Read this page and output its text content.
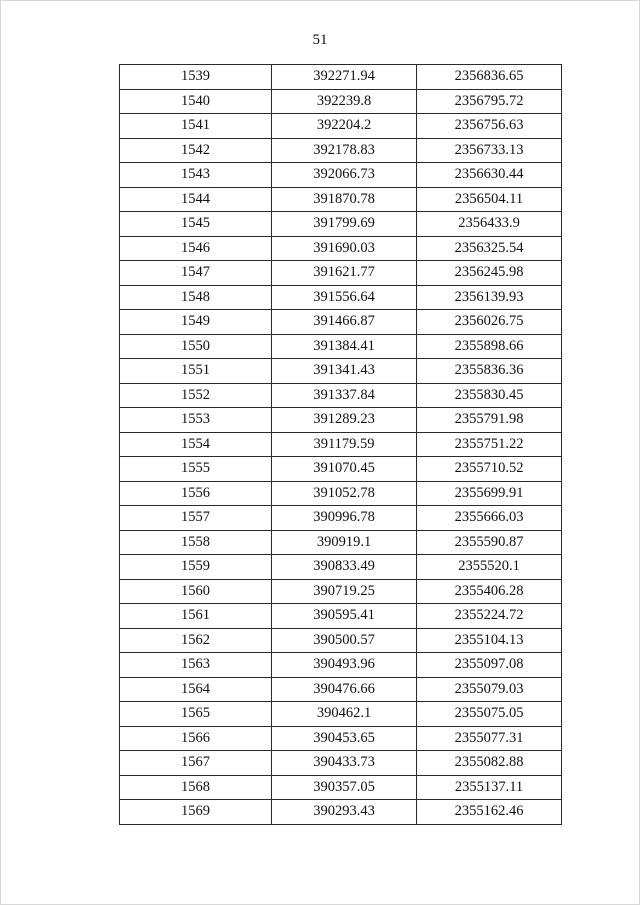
51
1539	392271.94	2356836.65
1540	392239.8	2356795.72
1541	392204.2	2356756.63
1542	392178.83	2356733.13
1543	392066.73	2356630.44
1544	391870.78	2356504.11
1545	391799.69	2356433.9
1546	391690.03	2356325.54
1547	391621.77	2356245.98
1548	391556.64	2356139.93
1549	391466.87	2356026.75
1550	391384.41	2355898.66
1551	391341.43	2355836.36
1552	391337.84	2355830.45
1553	391289.23	2355791.98
1554	391179.59	2355751.22
1555	391070.45	2355710.52
1556	391052.78	2355699.91
1557	390996.78	2355666.03
1558	390919.1	2355590.87
1559	390833.49	2355520.1
1560	390719.25	2355406.28
1561	390595.41	2355224.72
1562	390500.57	2355104.13
1563	390493.96	2355097.08
1564	390476.66	2355079.03
1565	390462.1	2355075.05
1566	390453.65	2355077.31
1567	390433.73	2355082.88
1568	390357.05	2355137.11
1569	390293.43	2355162.46
